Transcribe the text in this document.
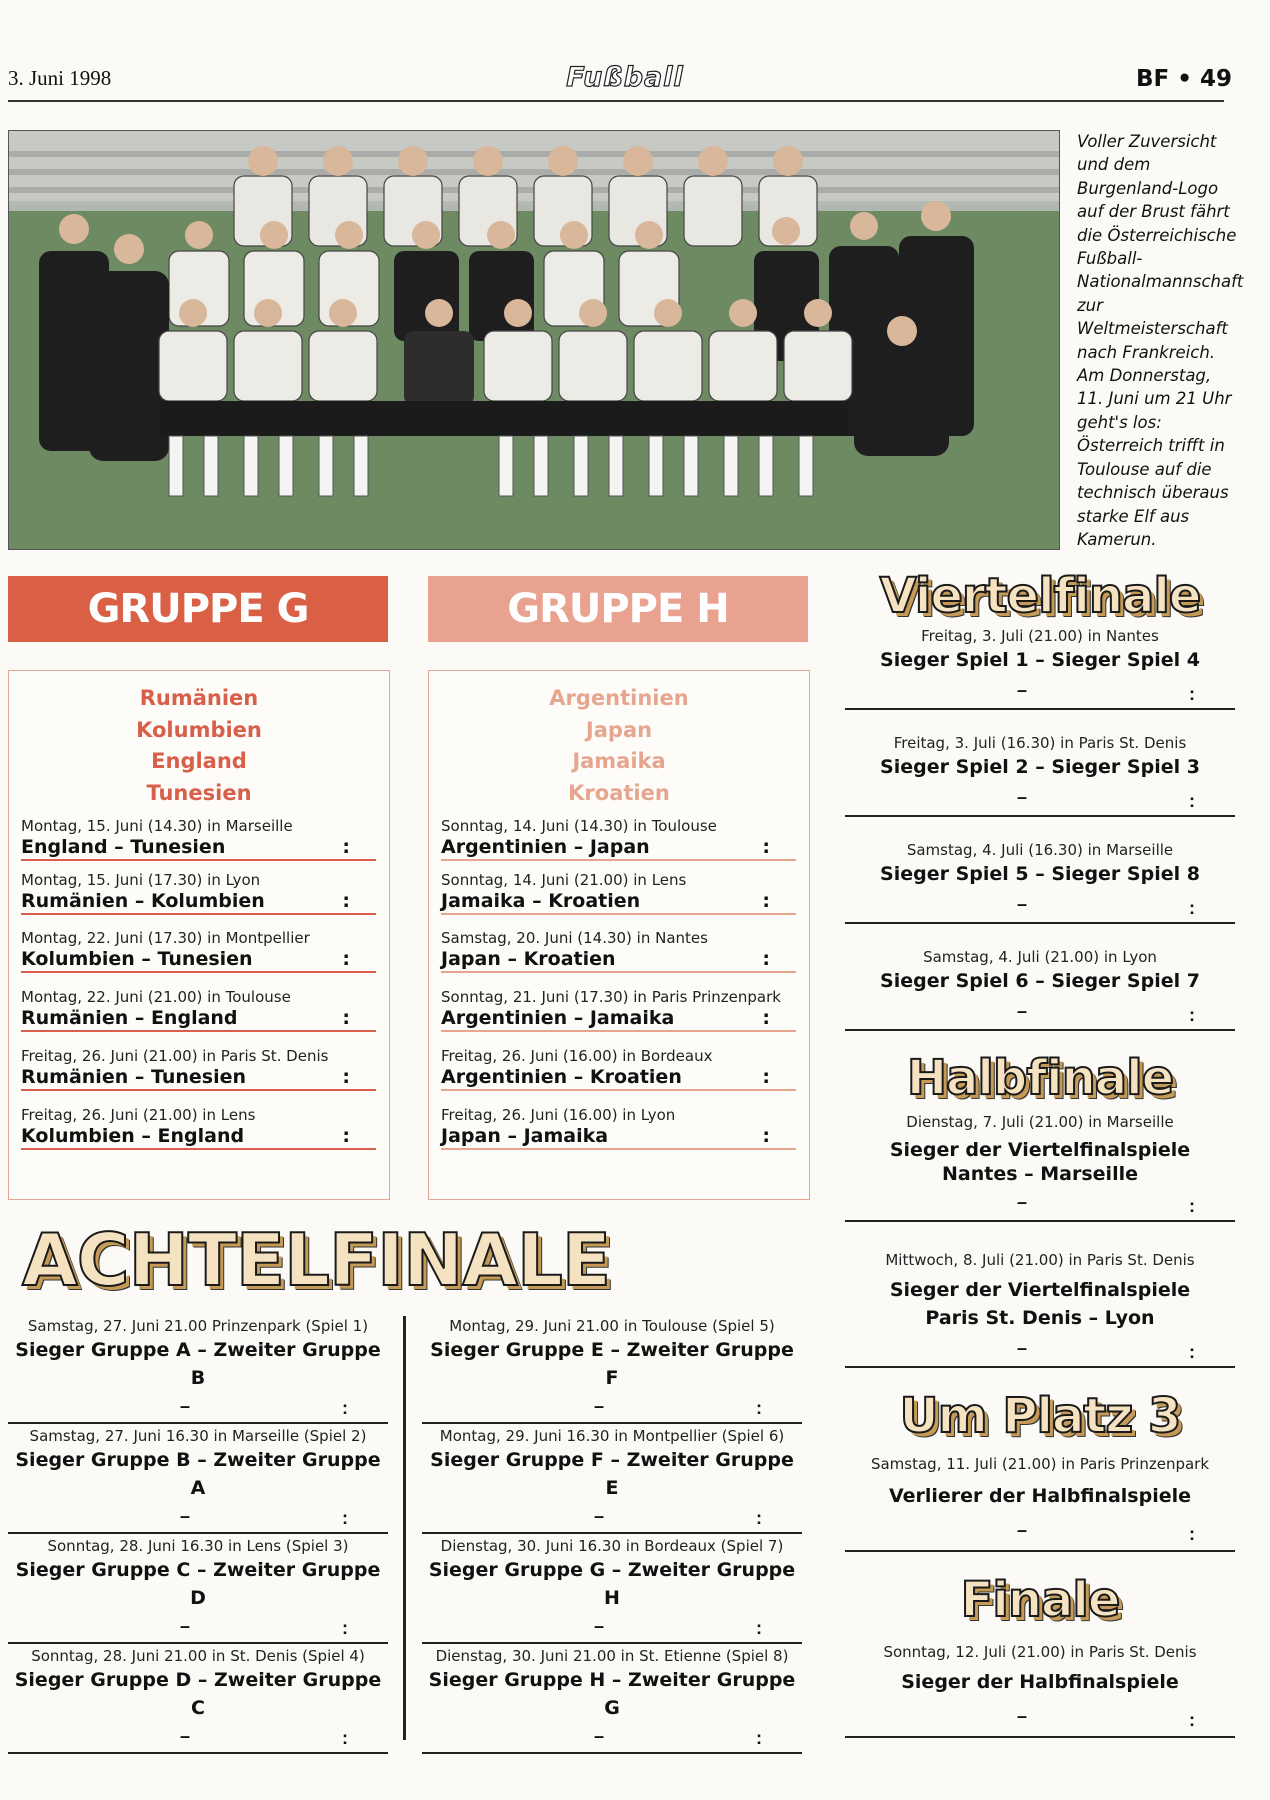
3. Juni 1998	Fußball	BF • 49
Voller Zuversicht und dem Burgenland-Logo auf der Brust fährt die Österreichische Fußball-Nationalmannschaft zur Weltmeisterschaft nach Frankreich. Am Donnerstag, 11. Juni um 21 Uhr geht's los: Österreich trifft in Toulouse auf die technisch überaus starke Elf aus Kamerun.
GRUPPE G
Rumänien
Kolumbien
England
Tunesien
Montag, 15. Juni (14.30) in Marseille
England – Tunesien	:
Montag, 15. Juni (17.30) in Lyon
Rumänien – Kolumbien	:
Montag, 22. Juni (17.30) in Montpellier
Kolumbien – Tunesien	:
Montag, 22. Juni (21.00) in Toulouse
Rumänien – England	:
Freitag, 26. Juni (21.00) in Paris St. Denis
Rumänien – Tunesien	:
Freitag, 26. Juni (21.00) in Lens
Kolumbien – England	:
GRUPPE H
Argentinien
Japan
Jamaika
Kroatien
Sonntag, 14. Juni (14.30) in Toulouse
Argentinien – Japan	:
Sonntag, 14. Juni (21.00) in Lens
Jamaika – Kroatien	:
Samstag, 20. Juni (14.30) in Nantes
Japan – Kroatien	:
Sonntag, 21. Juni (17.30) in Paris Prinzenpark
Argentinien – Jamaika	:
Freitag, 26. Juni (16.00) in Bordeaux
Argentinien – Kroatien	:
Freitag, 26. Juni (16.00) in Lyon
Japan – Jamaika	:
ACHTELFINALE
Samstag, 27. Juni 21.00 Prinzenpark (Spiel 1)
Sieger Gruppe A – Zweiter Gruppe B
–	:
Samstag, 27. Juni 16.30 in Marseille (Spiel 2)
Sieger Gruppe B – Zweiter Gruppe A
–	:
Sonntag, 28. Juni 16.30 in Lens (Spiel 3)
Sieger Gruppe C – Zweiter Gruppe D
–	:
Sonntag, 28. Juni 21.00 in St. Denis (Spiel 4)
Sieger Gruppe D – Zweiter Gruppe C
–	:
Montag, 29. Juni 21.00 in Toulouse (Spiel 5)
Sieger Gruppe E – Zweiter Gruppe F
–	:
Montag, 29. Juni 16.30 in Montpellier (Spiel 6)
Sieger Gruppe F – Zweiter Gruppe E
–	:
Dienstag, 30. Juni 16.30 in Bordeaux (Spiel 7)
Sieger Gruppe G – Zweiter Gruppe H
–	:
Dienstag, 30. Juni 21.00 in St. Etienne (Spiel 8)
Sieger Gruppe H – Zweiter Gruppe G
–	:
Viertelfinale
Freitag, 3. Juli (21.00) in Nantes
Sieger Spiel 1 – Sieger Spiel 4
–	:
Freitag, 3. Juli (16.30) in Paris St. Denis
Sieger Spiel 2 – Sieger Spiel 3
–	:
Samstag, 4. Juli (16.30) in Marseille
Sieger Spiel 5 – Sieger Spiel 8
–	:
Samstag, 4. Juli (21.00) in Lyon
Sieger Spiel 6 – Sieger Spiel 7
–	:
Halbfinale
Dienstag, 7. Juli (21.00) in Marseille
Sieger der Viertelfinalspiele
Nantes – Marseille
–	:
Mittwoch, 8. Juli (21.00) in Paris St. Denis
Sieger der Viertelfinalspiele
Paris St. Denis – Lyon
–	:
Um Platz 3
Samstag, 11. Juli (21.00) in Paris Prinzenpark
Verlierer der Halbfinalspiele
–	:
Finale
Sonntag, 12. Juli (21.00) in Paris St. Denis
Sieger der Halbfinalspiele
–	:
